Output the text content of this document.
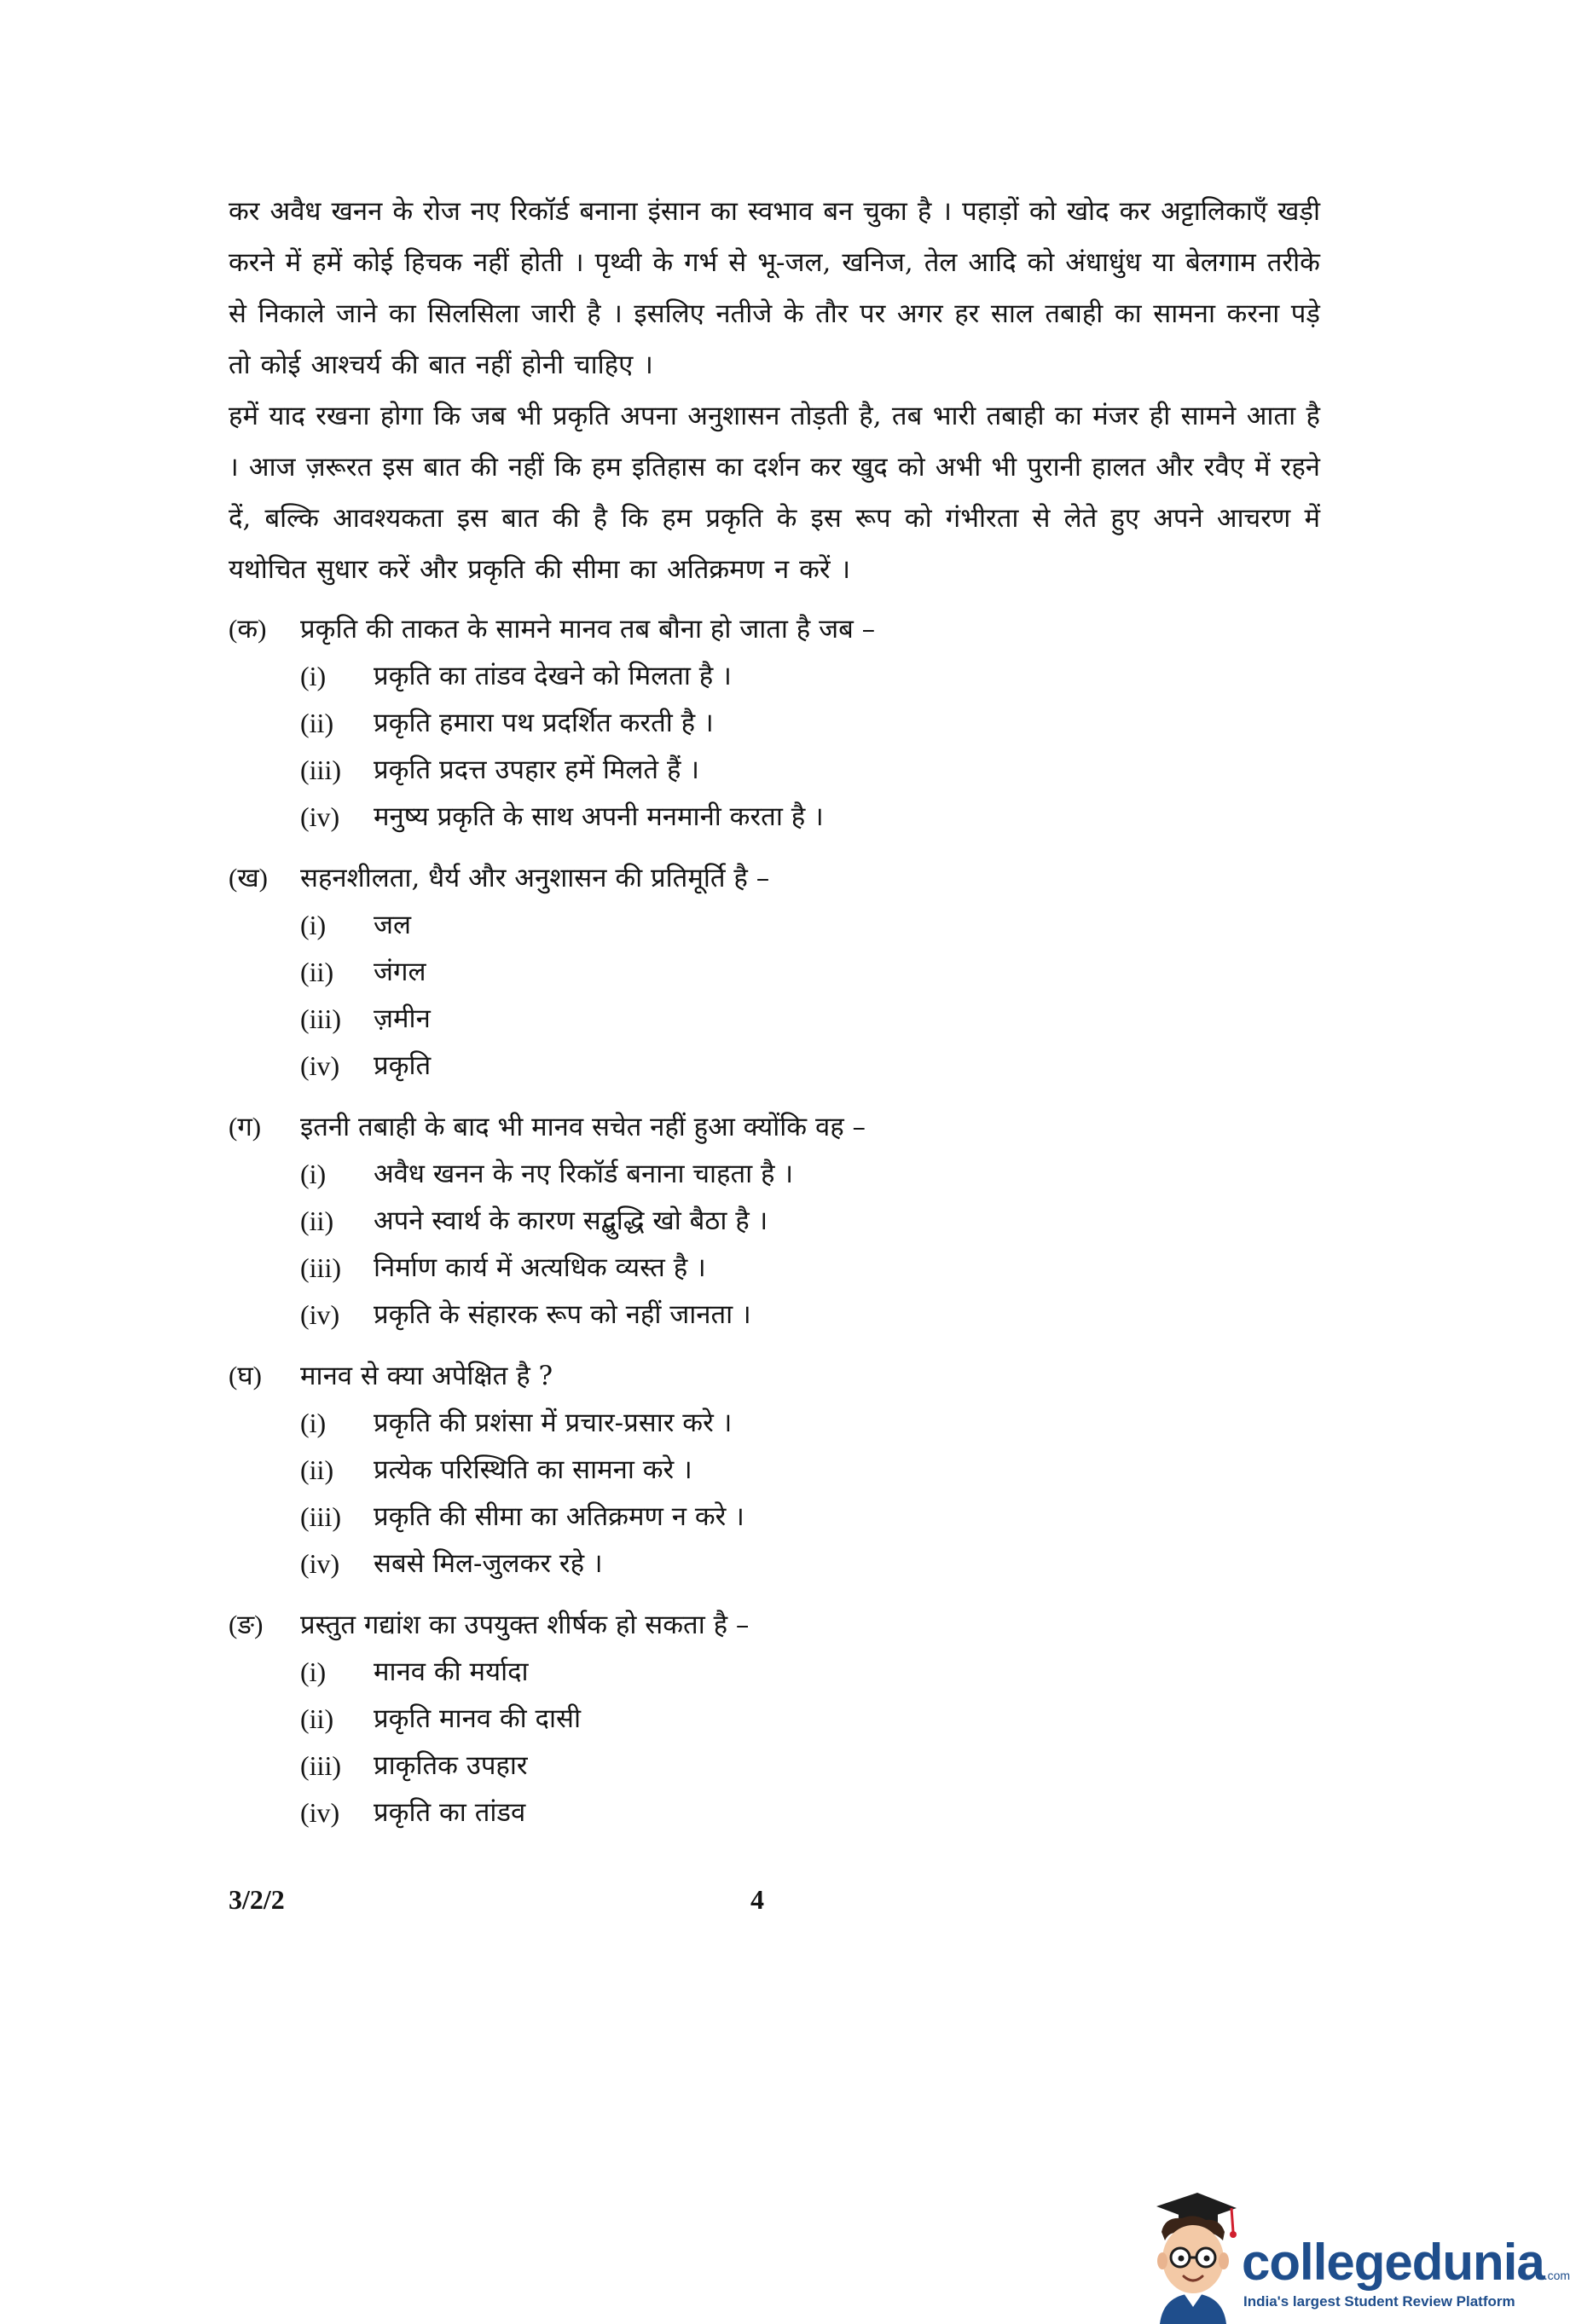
कर अवैध खनन के रोज नए रिकॉर्ड बनाना इंसान का स्वभाव बन चुका है । पहाड़ों को खोद कर अट्टालिकाएँ खड़ी करने में हमें कोई हिचक नहीं होती । पृथ्वी के गर्भ से भू-जल, खनिज, तेल आदि को अंधाधुंध या बेलगाम तरीके से निकाले जाने का सिलसिला जारी है । इसलिए नतीजे के तौर पर अगर हर साल तबाही का सामना करना पड़े तो कोई आश्चर्य की बात नहीं होनी चाहिए ।

हमें याद रखना होगा कि जब भी प्रकृति अपना अनुशासन तोड़ती है, तब भारी तबाही का मंजर ही सामने आता है । आज ज़रूरत इस बात की नहीं कि हम इतिहास का दर्शन कर खुद को अभी भी पुरानी हालत और रवैए में रहने दें, बल्कि आवश्यकता इस बात की है कि हम प्रकृति के इस रूप को गंभीरता से लेते हुए अपने आचरण में यथोचित सुधार करें और प्रकृति की सीमा का अतिक्रमण न करें ।

(क)	प्रकृति की ताकत के सामने मानव तब बौना हो जाता है जब –
(i)	प्रकृति का तांडव देखने को मिलता है ।
(ii)	प्रकृति हमारा पथ प्रदर्शित करती है ।
(iii)	प्रकृति प्रदत्त उपहार हमें मिलते हैं ।
(iv)	मनुष्य प्रकृति के साथ अपनी मनमानी करता है ।
(ख)	सहनशीलता, धैर्य और अनुशासन की प्रतिमूर्ति है –
(i)	जल
(ii)	जंगल
(iii)	ज़मीन
(iv)	प्रकृति
(ग)	इतनी तबाही के बाद भी मानव सचेत नहीं हुआ क्योंकि वह –
(i)	अवैध खनन के नए रिकॉर्ड बनाना चाहता है ।
(ii)	अपने स्वार्थ के कारण सद्बुद्धि खो बैठा है ।
(iii)	निर्माण कार्य में अत्यधिक व्यस्त है ।
(iv)	प्रकृति के संहारक रूप को नहीं जानता ।
(घ)	मानव से क्या अपेक्षित है ?
(i)	प्रकृति की प्रशंसा में प्रचार-प्रसार करे ।
(ii)	प्रत्येक परिस्थिति का सामना करे ।
(iii)	प्रकृति की सीमा का अतिक्रमण न करे ।
(iv)	सबसे मिल-जुलकर रहे ।
(ङ)	प्रस्तुत गद्यांश का उपयुक्त शीर्षक हो सकता है –
(i)	मानव की मर्यादा
(ii)	प्रकृति मानव की दासी
(iii)	प्राकृतिक उपहार
(iv)	प्रकृति का तांडव
3/2/2	4
collegedunia.com
India's largest Student Review Platform
